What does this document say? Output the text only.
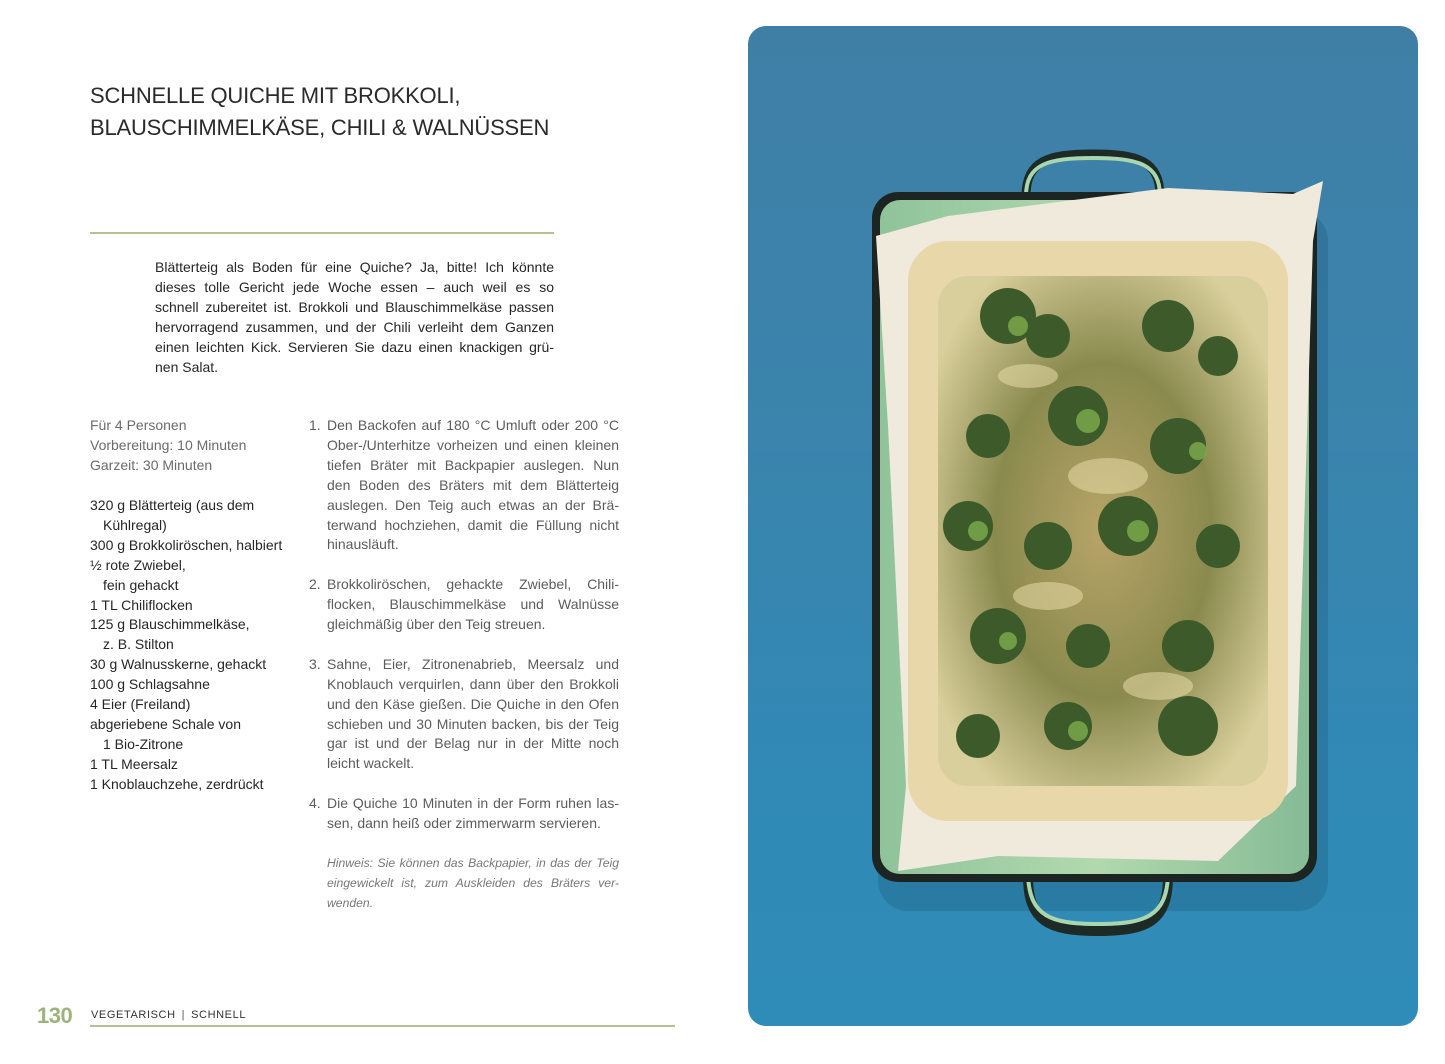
SCHNELLE QUICHE MIT BROKKOLI,
BLAUSCHIMMELKÄSE, CHILI & WALNÜSSEN

Blätterteig als Boden für eine Quiche? Ja, bitte! Ich könnte
dieses tolle Gericht jede Woche essen – auch weil es so
schnell zubereitet ist. Brokkoli und Blauschimmelkäse passen
hervorragend zusammen, und der Chili verleiht dem Ganzen
einen leichten Kick. Servieren Sie dazu einen knackigen grü-
nen Salat.

Für 4 Personen
Vorbereitung: 10 Minuten
Garzeit: 30 Minuten
320 g Blätterteig (aus dem
Kühlregal)
300 g Brokkoliröschen, halbiert
½ rote Zwiebel,
fein gehackt
1 TL Chiliflocken
125 g Blauschimmelkäse,
z. B. Stilton
30 g Walnusskerne, gehackt
100 g Schlagsahne
4 Eier (Freiland)
abgeriebene Schale von
1 Bio-Zitrone
1 TL Meersalz
1 Knoblauchzehe, zerdrückt
1. Den Backofen auf 180 °C Umluft oder 200 °C
Ober-/Unterhitze vorheizen und einen kleinen
tiefen Bräter mit Backpapier auslegen. Nun
den Boden des Bräters mit dem Blätterteig
auslegen. Den Teig auch etwas an der Brä-
terwand hochziehen, damit die Füllung nicht
hinausläuft.
2. Brokkoliröschen, gehackte Zwiebel, Chili-
flocken, Blauschimmelkäse und Walnüsse
gleichmäßig über den Teig streuen.
3. Sahne, Eier, Zitronenabrieb, Meersalz und
Knoblauch verquirlen, dann über den Brokkoli
und den Käse gießen. Die Quiche in den Ofen
schieben und 30 Minuten backen, bis der Teig
gar ist und der Belag nur in der Mitte noch
leicht wackelt.
4. Die Quiche 10 Minuten in der Form ruhen las-
sen, dann heiß oder zimmerwarm servieren.
Hinweis: Sie können das Backpapier, in das der Teig
eingewickelt ist, zum Auskleiden des Bräters ver-
wenden.
130 VEGETARISCH | SCHNELL
